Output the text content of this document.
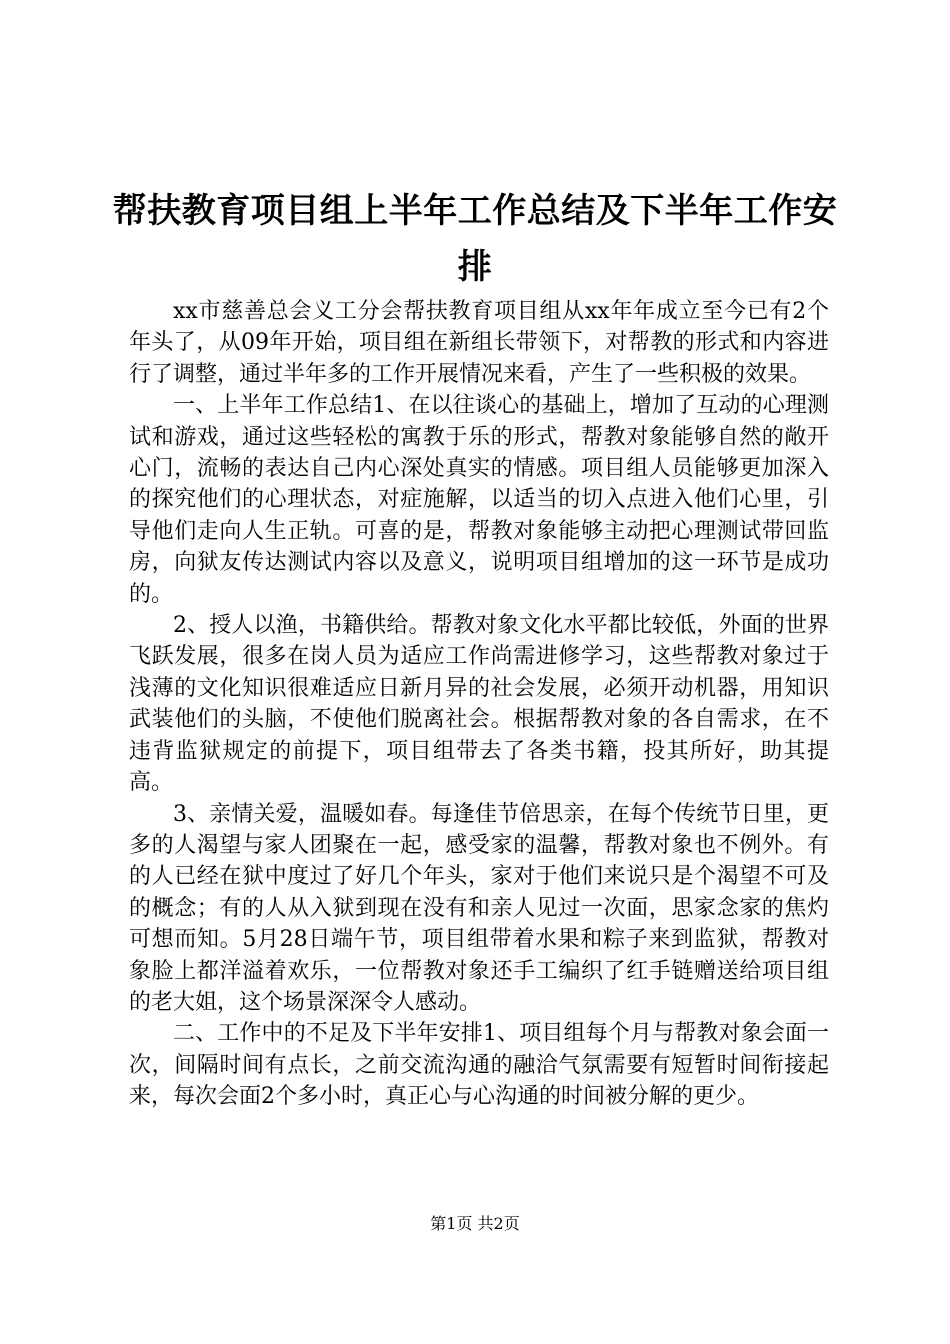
帮扶教育项目组上半年工作总结及下半年工作安排

xx市慈善总会义工分会帮扶教育项目组从xx年年成立至今已有2个年头了，从09年开始，项目组在新组长带领下，对帮教的形式和内容进行了调整，通过半年多的工作开展情况来看，产生了一些积极的效果。

一、上半年工作总结1、在以往谈心的基础上，增加了互动的心理测试和游戏，通过这些轻松的寓教于乐的形式，帮教对象能够自然的敞开心门，流畅的表达自己内心深处真实的情感。项目组人员能够更加深入的探究他们的心理状态，对症施解，以适当的切入点进入他们心里，引导他们走向人生正轨。可喜的是，帮教对象能够主动把心理测试带回监房，向狱友传达测试内容以及意义，说明项目组增加的这一环节是成功的。

2、授人以渔，书籍供给。帮教对象文化水平都比较低，外面的世界飞跃发展，很多在岗人员为适应工作尚需进修学习，这些帮教对象过于浅薄的文化知识很难适应日新月异的社会发展，必须开动机器，用知识武装他们的头脑，不使他们脱离社会。根据帮教对象的各自需求，在不违背监狱规定的前提下，项目组带去了各类书籍，投其所好，助其提高。

3、亲情关爱，温暖如春。每逢佳节倍思亲，在每个传统节日里，更多的人渴望与家人团聚在一起，感受家的温馨，帮教对象也不例外。有的人已经在狱中度过了好几个年头，家对于他们来说只是个渴望不可及的概念；有的人从入狱到现在没有和亲人见过一次面，思家念家的焦灼可想而知。5月28日端午节，项目组带着水果和粽子来到监狱，帮教对象脸上都洋溢着欢乐，一位帮教对象还手工编织了红手链赠送给项目组的老大姐，这个场景深深令人感动。

二、工作中的不足及下半年安排1、项目组每个月与帮教对象会面一次，间隔时间有点长，之前交流沟通的融洽气氛需要有短暂时间衔接起来，每次会面2个多小时，真正心与心沟通的时间被分解的更少。

第1页 共2页
